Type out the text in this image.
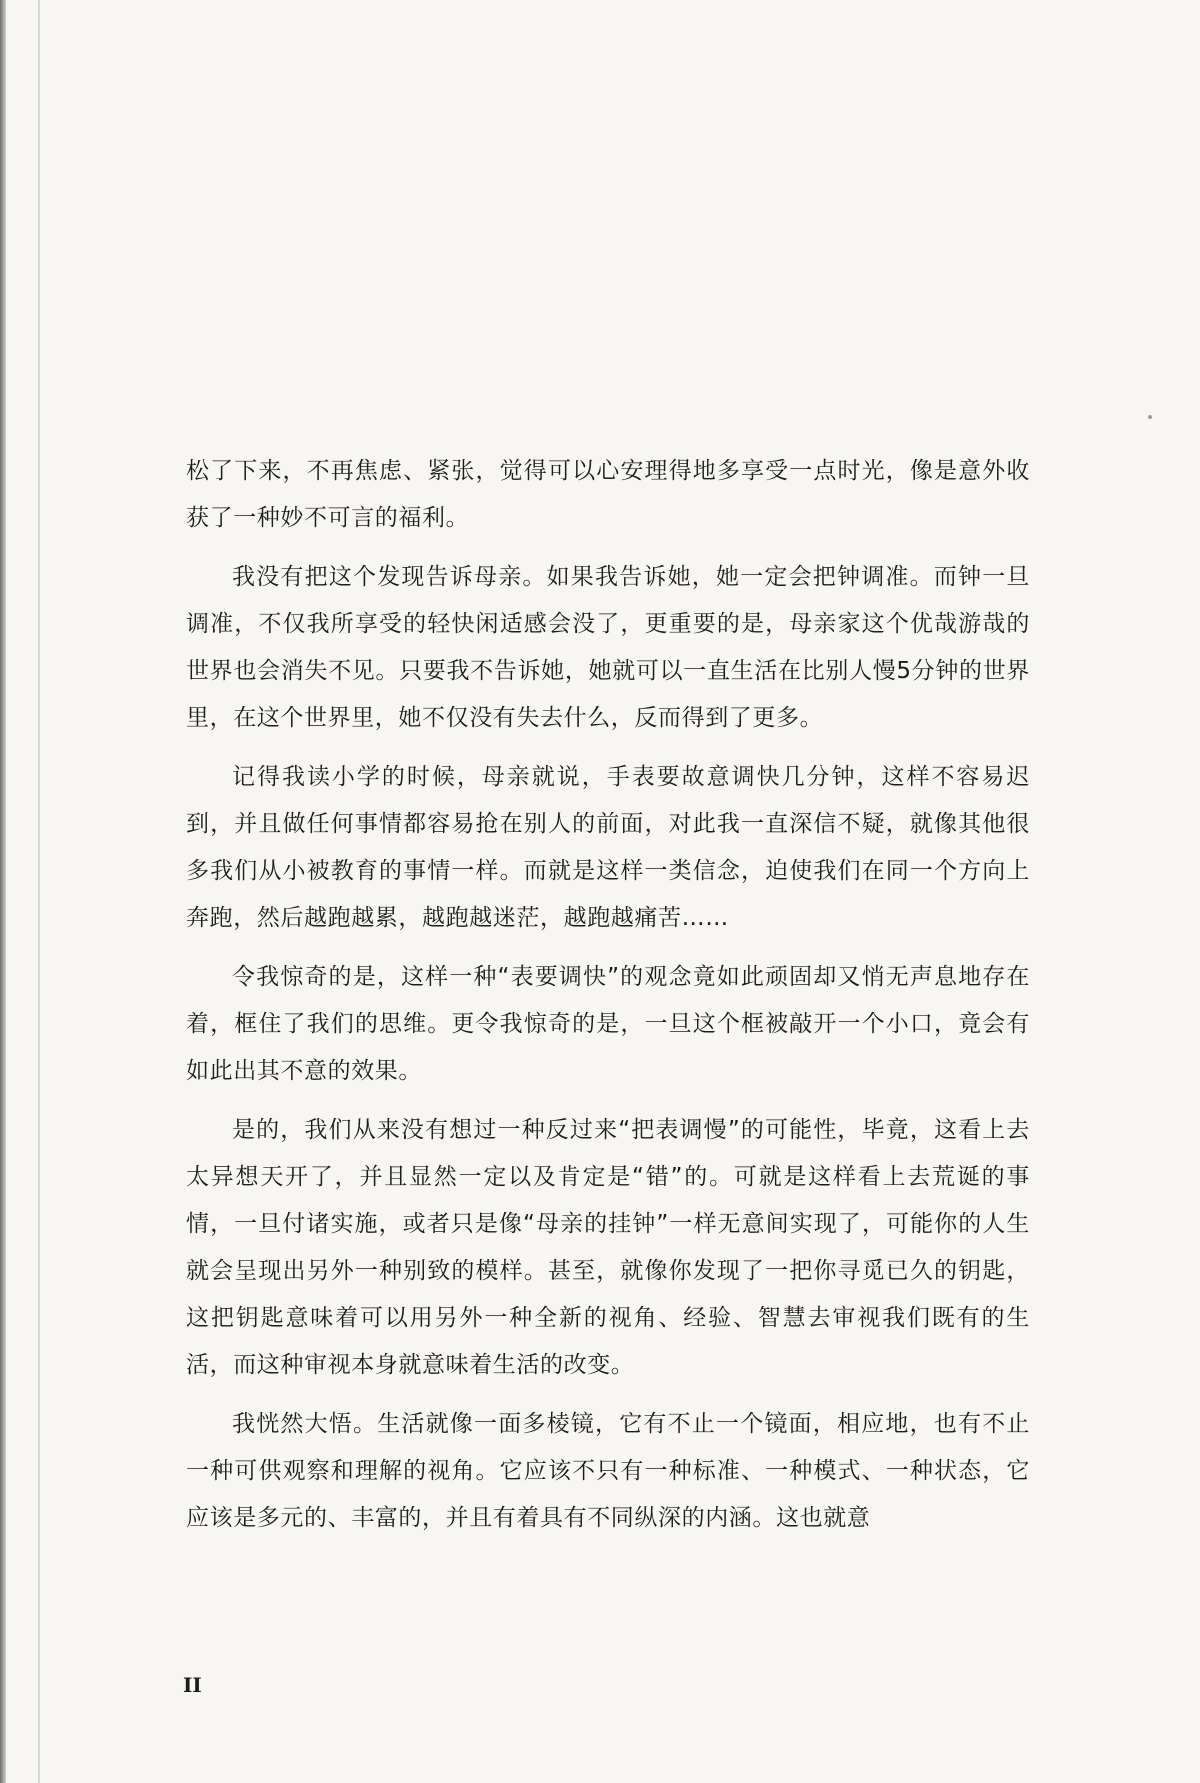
松了下来，不再焦虑、紧张，觉得可以心安理得地多享受一点时光，像是意外收获了一种妙不可言的福利。

我没有把这个发现告诉母亲。如果我告诉她，她一定会把钟调准。而钟一旦调准，不仅我所享受的轻快闲适感会没了，更重要的是，母亲家这个优哉游哉的世界也会消失不见。只要我不告诉她，她就可以一直生活在比别人慢5分钟的世界里，在这个世界里，她不仅没有失去什么，反而得到了更多。

记得我读小学的时候，母亲就说，手表要故意调快几分钟，这样不容易迟到，并且做任何事情都容易抢在别人的前面，对此我一直深信不疑，就像其他很多我们从小被教育的事情一样。而就是这样一类信念，迫使我们在同一个方向上奔跑，然后越跑越累，越跑越迷茫，越跑越痛苦……

令我惊奇的是，这样一种“表要调快”的观念竟如此顽固却又悄无声息地存在着，框住了我们的思维。更令我惊奇的是，一旦这个框被敲开一个小口，竟会有如此出其不意的效果。

是的，我们从来没有想过一种反过来“把表调慢”的可能性，毕竟，这看上去太异想天开了，并且显然一定以及肯定是“错”的。可就是这样看上去荒诞的事情，一旦付诸实施，或者只是像“母亲的挂钟”一样无意间实现了，可能你的人生就会呈现出另外一种别致的模样。甚至，就像你发现了一把你寻觅已久的钥匙，这把钥匙意味着可以用另外一种全新的视角、经验、智慧去审视我们既有的生活，而这种审视本身就意味着生活的改变。

我恍然大悟。生活就像一面多棱镜，它有不止一个镜面，相应地，也有不止一种可供观察和理解的视角。它应该不只有一种标准、一种模式、一种状态，它应该是多元的、丰富的，并且有着具有不同纵深的内涵。这也就意

II
